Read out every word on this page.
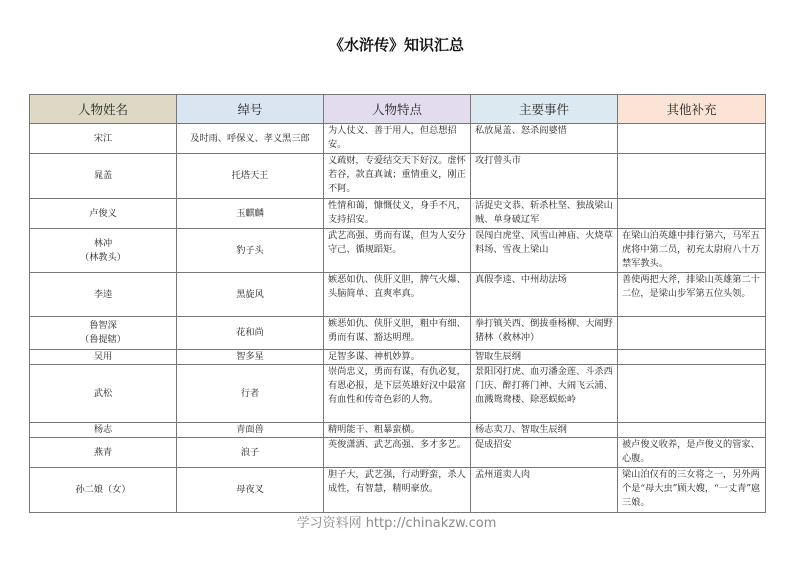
《水浒传》知识汇总
人物姓名	绰号	人物特点	主要事件	其他补充

宋江	及时雨、呼保义、孝义黑三郎	为人仗义、善于用人，但总想招安。	私放晁盖、怒杀阎婆惜	

晁盖	托塔天王	义疏财，专爱结交天下好汉。虚怀若谷，款直真诚；重情重义，刚正不阿。	攻打曾头市	

卢俊义	玉麒麟	性情和蔼，慷慨仗义，身手不凡，支持招安。	活捉史文恭、斩杀杜坚、独战梁山贼、单身破辽军	

林冲
（林教头）	豹子头	武艺高强、勇而有谋，但为人安分守己、循规蹈矩。	误闯白虎堂、风雪山神庙、火烧草料场、雪夜上梁山	在梁山泊英雄中排行第六，马军五虎将中第二员，初充太尉府八十万禁军教头。

李逵	黑旋风	嫉恶如仇、侠肝义胆，脾气火爆、头脑简单、直爽率真。	真假李逵、中州劫法场	善使两把大斧，排梁山英雄第二十二位，是梁山步军第五位头领。

鲁智深
（鲁提辖）	花和尚	嫉恶如仇、侠肝义胆，粗中有细、勇而有谋、豁达明理。	拳打镇关西、倒拔垂杨柳、大闹野猪林（救林冲）	

吴用	智多星	足智多谋、神机妙算。	智取生辰纲	

武松	行者	崇尚忠义，勇而有谋，有仇必复，有恩必报，是下层英雄好汉中最富有血性和传奇色彩的人物。	景阳冈打虎、血刃潘金莲、斗杀西门庆、醉打蒋门神、大闹飞云浦、血溅鸳鸯楼、除恶蜈蚣岭	

杨志	青面兽	精明能干、粗暴蛮横。	杨志卖刀、智取生辰纲	

燕青	浪子	英俊潇洒、武艺高强、多才多艺。	促成招安	被卢俊义收养，是卢俊义的管家、心腹。

孙二娘（女）	母夜叉	胆子大，武艺强，行动野蛮，杀人成性，有智慧，精明豪放。	孟州道卖人肉	梁山泊仅有的三女将之一，另外两个是“母大虫”顾大嫂，“一丈青”扈三娘。
学习资料网 http://chinakzw.com
